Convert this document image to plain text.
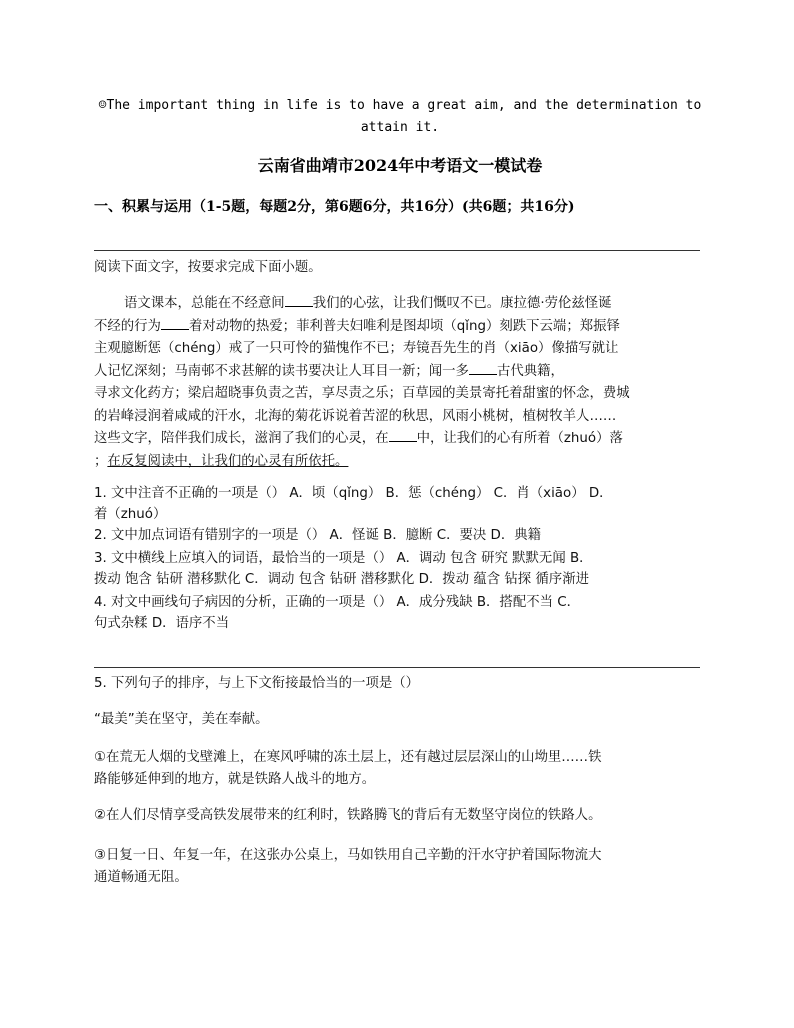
☺The important thing in life is to have a great aim, and the determination to attain it.
云南省曲靖市2024年中考语文一模试卷
一、积累与运用（1-5题，每题2分，第6题6分，共16分）(共6题；共16分)
阅读下面文字，按要求完成下面小题。
语文课本，总能在不经意间 我们的心弦，让我们慨叹不已。康拉德·劳伦兹怪诞
不经的行为 着对动物的热爱；菲利普夫妇唯利是图却顷（qǐng）刻跌下云端；郑振铎
主观臆断惩（chéng）戒了一只可怜的猫愧作不已；寿镜吾先生的肖（xiāo）像描写就让
人记忆深刻；马南邨不求甚解的读书要决让人耳目一新；闻一多 古代典籍，
寻求文化药方；梁启超晓事负责之苦，享尽责之乐；百草园的美景寄托着甜蜜的怀念，费城
的岩峰浸润着咸咸的汗水，北海的菊花诉说着苦涩的秋思，风雨小桃树，植树牧羊人……
这些文字，陪伴我们成长，滋润了我们的心灵，在 中，让我们的心有所着（zhuó）落
；在反复阅读中，让我们的心灵有所依托。
1. 文中注音不正确的一项是（） A．顷（qǐng） B．惩（chéng） C．肖（xiāo） D．
着（zhuó）
2. 文中加点词语有错别字的一项是（） A．怪诞 B．臆断 C．要决 D．典籍
3. 文中横线上应填入的词语，最恰当的一项是（） A．调动 包含 研究 默默无闻 B．
拨动 饱含 钻研 潜移默化 C．调动 包含 钻研 潜移默化 D．拨动 蕴含 钻探 循序渐进
4. 对文中画线句子病因的分析，正确的一项是（） A．成分残缺 B．搭配不当 C．
句式杂糅 D．语序不当
5. 下列句子的排序，与上下文衔接最恰当的一项是（）
“最美”美在坚守，美在奉献。
①在荒无人烟的戈壁滩上，在寒风呼啸的冻土层上，还有越过层层深山的山坳里……铁
路能够延伸到的地方，就是铁路人战斗的地方。
②在人们尽情享受高铁发展带来的红利时，铁路腾飞的背后有无数坚守岗位的铁路人。
③日复一日、年复一年，在这张办公桌上，马如铁用自己辛勤的汗水守护着国际物流大
通道畅通无阻。
